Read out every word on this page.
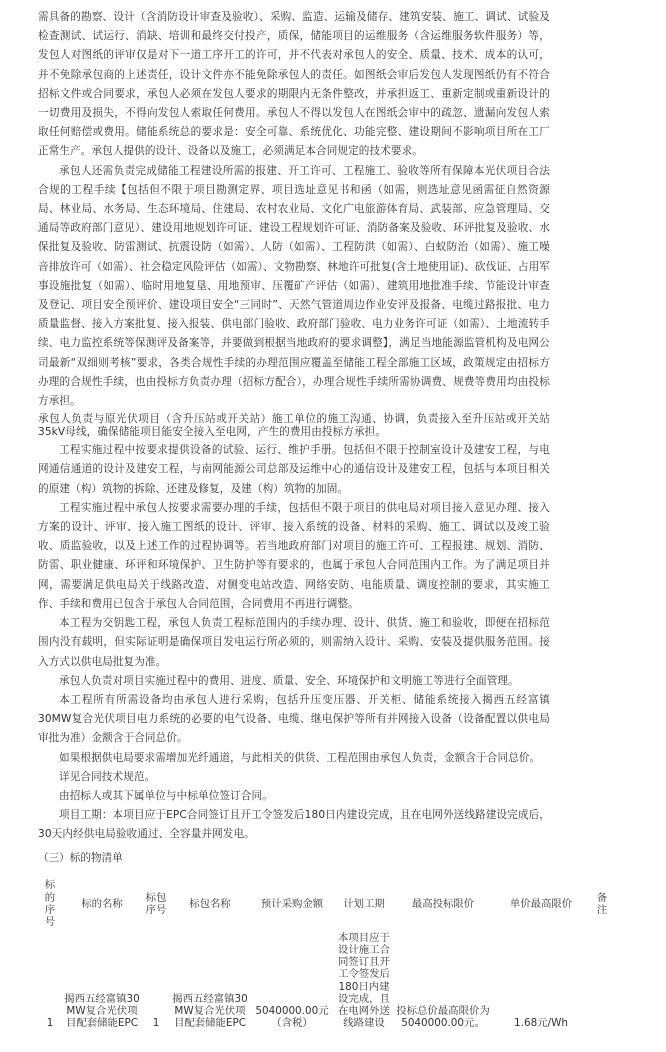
需具备的勘察、设计（含消防设计审查及验收）、采购、监造、运输及储存、建筑安装、施工、调试、试验及检查测试、试运行、消缺、培训和最终交付投产，质保，储能项目的运维服务（含运维服务软件服务）等，发包人对图纸的评审仅是对下一道工序开工的许可，并不代表对承包人的安全、质量、技术、成本的认可，并不免除承包商的上述责任，设计文件亦不能免除承包人的责任。如图纸会审后发包人发现图纸仍有不符合招标文件或合同要求，承包人必须在发包人要求的期限内无条件整改，并承担返工、重新定制或重新设计的一切费用及损失，不得向发包人索取任何费用。承包人不得以发包人在图纸会审中的疏忽、遗漏向发包人索取任何赔偿或费用。储能系统总的要求是：安全可靠、系统优化、功能完整、建设期间不影响项目所在工厂正常生产。承包人提供的设计、设备以及施工，必须满足本合同规定的技术要求。

承包人还需负责完成储能工程建设所需的报建、开工许可、工程施工、验收等所有保障本光伏项目合法合规的工程手续【包括但不限于项目勘测定界、项目选址意见书和函（如需，则选址意见函需征自然资源局、林业局、水务局、生态环境局、住建局、农村农业局、文化广电旅游体育局、武装部、应急管理局、交通局等政府部门意见）、建设用地规划许可证、建设工程规划许可证、消防备案及验收、环评批复及验收、水保批复及验收、防雷测试、抗震设防（如需）、人防（如需）、工程防洪（如需）、白蚁防治（如需）、施工噪音排放许可（如需）、社会稳定风险评估（如需）、文物勘察、林地许可批复(含土地使用证)、砍伐证、占用军事设施批复（如需）、临时用地复垦、用地预审、压覆矿产评估（如需）、建筑用地批准手续、节能设计审查及登记、项目安全预评价、建设项目安全“三同时”、天然气管道周边作业安评及报备、电缆过路报批、电力质量监督、接入方案批复、接入报装、供电部门验收、政府部门验收、电力业务许可证（如需）、土地流转手续、电力监控系统等保测评及备案等，并要做到根据当地政府的要求调整】，满足当地能源监管机构及电网公司最新“双细则考核”要求，各类合规性手续的办理范围应覆盖至储能工程全部施工区域，政策规定由招标方办理的合规性手续，也由投标方负责办理（招标方配合），办理合规性手续所需协调费、规费等费用均由投标方承担。

承包人负责与原光伏项目（含升压站或开关站）施工单位的施工沟通、协调，负责接入至升压站或开关站35kV母线，确保储能项目能安全接入至电网，产生的费用由投标方承担。

工程实施过程中按要求提供设备的试验、运行、维护手册。包括但不限于控制室设计及建安工程，与电网通信通道的设计及建安工程，与南网能源公司总部及运维中心的通信设计及建安工程，包括与本项目相关的原建（构）筑物的拆除、还建及修复，及建（构）筑物的加固。

工程实施过程中承包人按要求需要办理的手续，包括但不限于项目的供电局对项目接入意见办理、接入方案的设计、评审、接入施工图纸的设计、评审、接入系统的设备、材料的采购、施工、调试以及竣工验收、质监验收，以及上述工作的过程协调等。若当地政府部门对项目的施工许可、工程报建、规划、消防、防雷、职业健康、环评和环境保护、卫生防护等有要求的，也属于承包人合同范围内工作。为了满足项目并网，需要满足供电局关于线路改造、对侧变电站改造、网络安防、电能质量、调度控制的要求，其实施工作、手续和费用已包含于承包人合同范围，合同费用不再进行调整。

本工程为交钥匙工程，承包人负责工程标范围内的手续办理、设计、供货、施工和验收，即便在招标范围内没有载明，但实际证明是确保项目发电运行所必须的，则需纳入设计、采购、安装及提供服务范围。接入方式以供电局批复为准。

承包人负责对项目实施过程中的费用、进度、质量、安全、环境保护和文明施工等进行全面管理。

本工程所有所需设备均由承包人进行采购，包括升压变压器、开关柜、储能系统接入揭西五经富镇30MW复合光伏项目电力系统的必要的电气设备、电缆、继电保护等所有并网接入设备（设备配置以供电局审批为准）金额含于合同总价。

如果根据供电局要求需增加光纤通道，与此相关的供货、工程范围由承包人负责，金额含于合同总价。

详见合同技术规范。

由招标人或其下属单位与中标单位签订合同。

项目工期：本项目应于EPC合同签订且开工令签发后180日内建设完成，且在电网外送线路建设完成后，30天内经供电局验收通过、全容量并网发电。

（三）标的物清单
标的序号	标的名称	标包序号	标包名称	预计采购金额	计划工期	最高投标限价	单价最高限价	备注
1	揭西五经富镇30MW复合光伏项目配套储能EPC	1	揭西五经富镇30MW复合光伏项目配套储能EPC	5040000.00元（含税）	本项目应于设计施工合同签订且开工令签发后180日内建设完成，且在电网外送线路建设	投标总价最高限价为5040000.00元。	1.68元/Wh	
